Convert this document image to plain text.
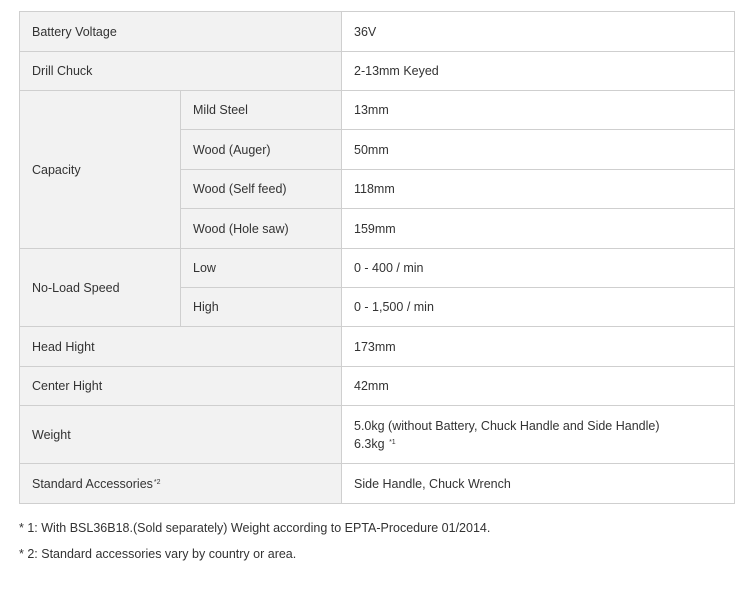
Battery Voltage		36V
Drill Chuck		2-13mm Keyed
Capacity	Mild Steel	13mm
	Wood (Auger)	50mm
	Wood (Self feed)	118mm
	Wood (Hole saw)	159mm
No-Load Speed	Low	0 - 400 / min
	High	0 - 1,500 / min
Head Hight		173mm
Center Hight		42mm
Weight		5.0kg (without Battery, Chuck Handle and Side Handle)
6.3kg $^{*1}$

Standard Accessories$^{*2}$		Side Handle, Chuck Wrench
* 1: With BSL36B18.(Sold separately) Weight according to EPTA-Procedure 01/2014.
* 2: Standard accessories vary by country or area.
